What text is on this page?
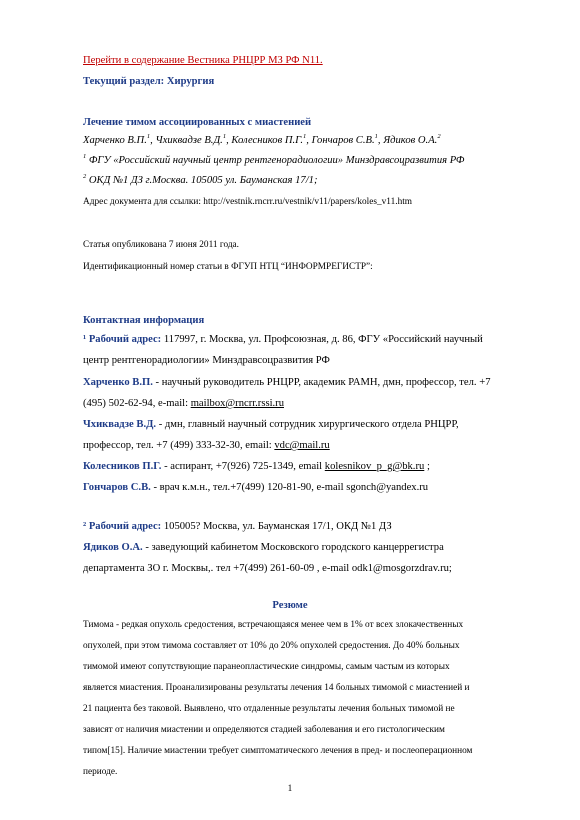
Перейти в содержание Вестника РНЦРР МЗ РФ N11.
Текущий раздел: Хирургия
Лечение тимом ассоциированных с миастенией
Харченко В.П.$^1$, Чхиквадзе В.Д.$^1$, Колесников П.Г.$^1$, Гончаров С.В.$^1$, Ядиков О.А.$^2$
$^1$ ФГУ «Российский научный центр рентгенорадиологии» Минздравсоцразвития РФ
$^2$ ОКД №1 ДЗ г.Москва. 105005 ул. Бауманская 17/1;
Адрес документа для ссылки: http://vestnik.rncrr.ru/vestnik/v11/papers/koles_v11.htm
Статья опубликована 7 июня 2011 года.
Идентификационный номер статьи в ФГУП НТЦ “ИНФОРМРЕГИСТР”:
Контактная информация
¹ Рабочий адрес: 117997, г. Москва, ул. Профсоюзная, д. 86, ФГУ «Российский научный
центр рентгенорадиологии» Минздравсоцразвития РФ
Харченко В.П. - научный руководитель РНЦРР, академик РАМН, дмн, профессор, тел. +7
(495) 502-62-94, e-mail: mailbox@rncrr.rssi.ru
Чхиквадзе В.Д. - дмн, главный научный сотрудник хирургического отдела РНЦРР,
профессор, тел. +7 (499) 333-32-30, email: vdc@mail.ru
Колесников П.Г. - аспирант, +7(926) 725-1349, email kolesnikov_p_g@bk.ru ;
Гончаров С.В. - врач к.м.н., тел.+7(499) 120-81-90, e-mail sgonch@yandex.ru
² Рабочий адрес: 105005? Москва, ул. Бауманская 17/1, ОКД №1 ДЗ
Ядиков О.А. - заведующий кабинетом Московского городского канцеррегистра
департамента ЗО г. Москвы,. тел +7(499) 261-60-09 , e-mail odk1@mosgorzdrav.ru;
Резюме
Тимома - редкая опухоль средостения, встречающаяся менее чем в 1% от всех злокачественных
опухолей, при этом тимома составляет от 10% до 20% опухолей средостения. До 40% больных
тимомой имеют сопутствующие паранеопластические синдромы, самым частым из которых
является миастения. Проанализированы результаты лечения 14 больных тимомой с миастенией и
21 пациента без таковой. Выявлено, что отдаленные результаты лечения больных тимомой не
зависят от наличия миастении и определяются стадией заболевания и его гистологическим
типом[15]. Наличие миастении требует симптоматического лечения в пред- и послеоперационном
периоде.
1
